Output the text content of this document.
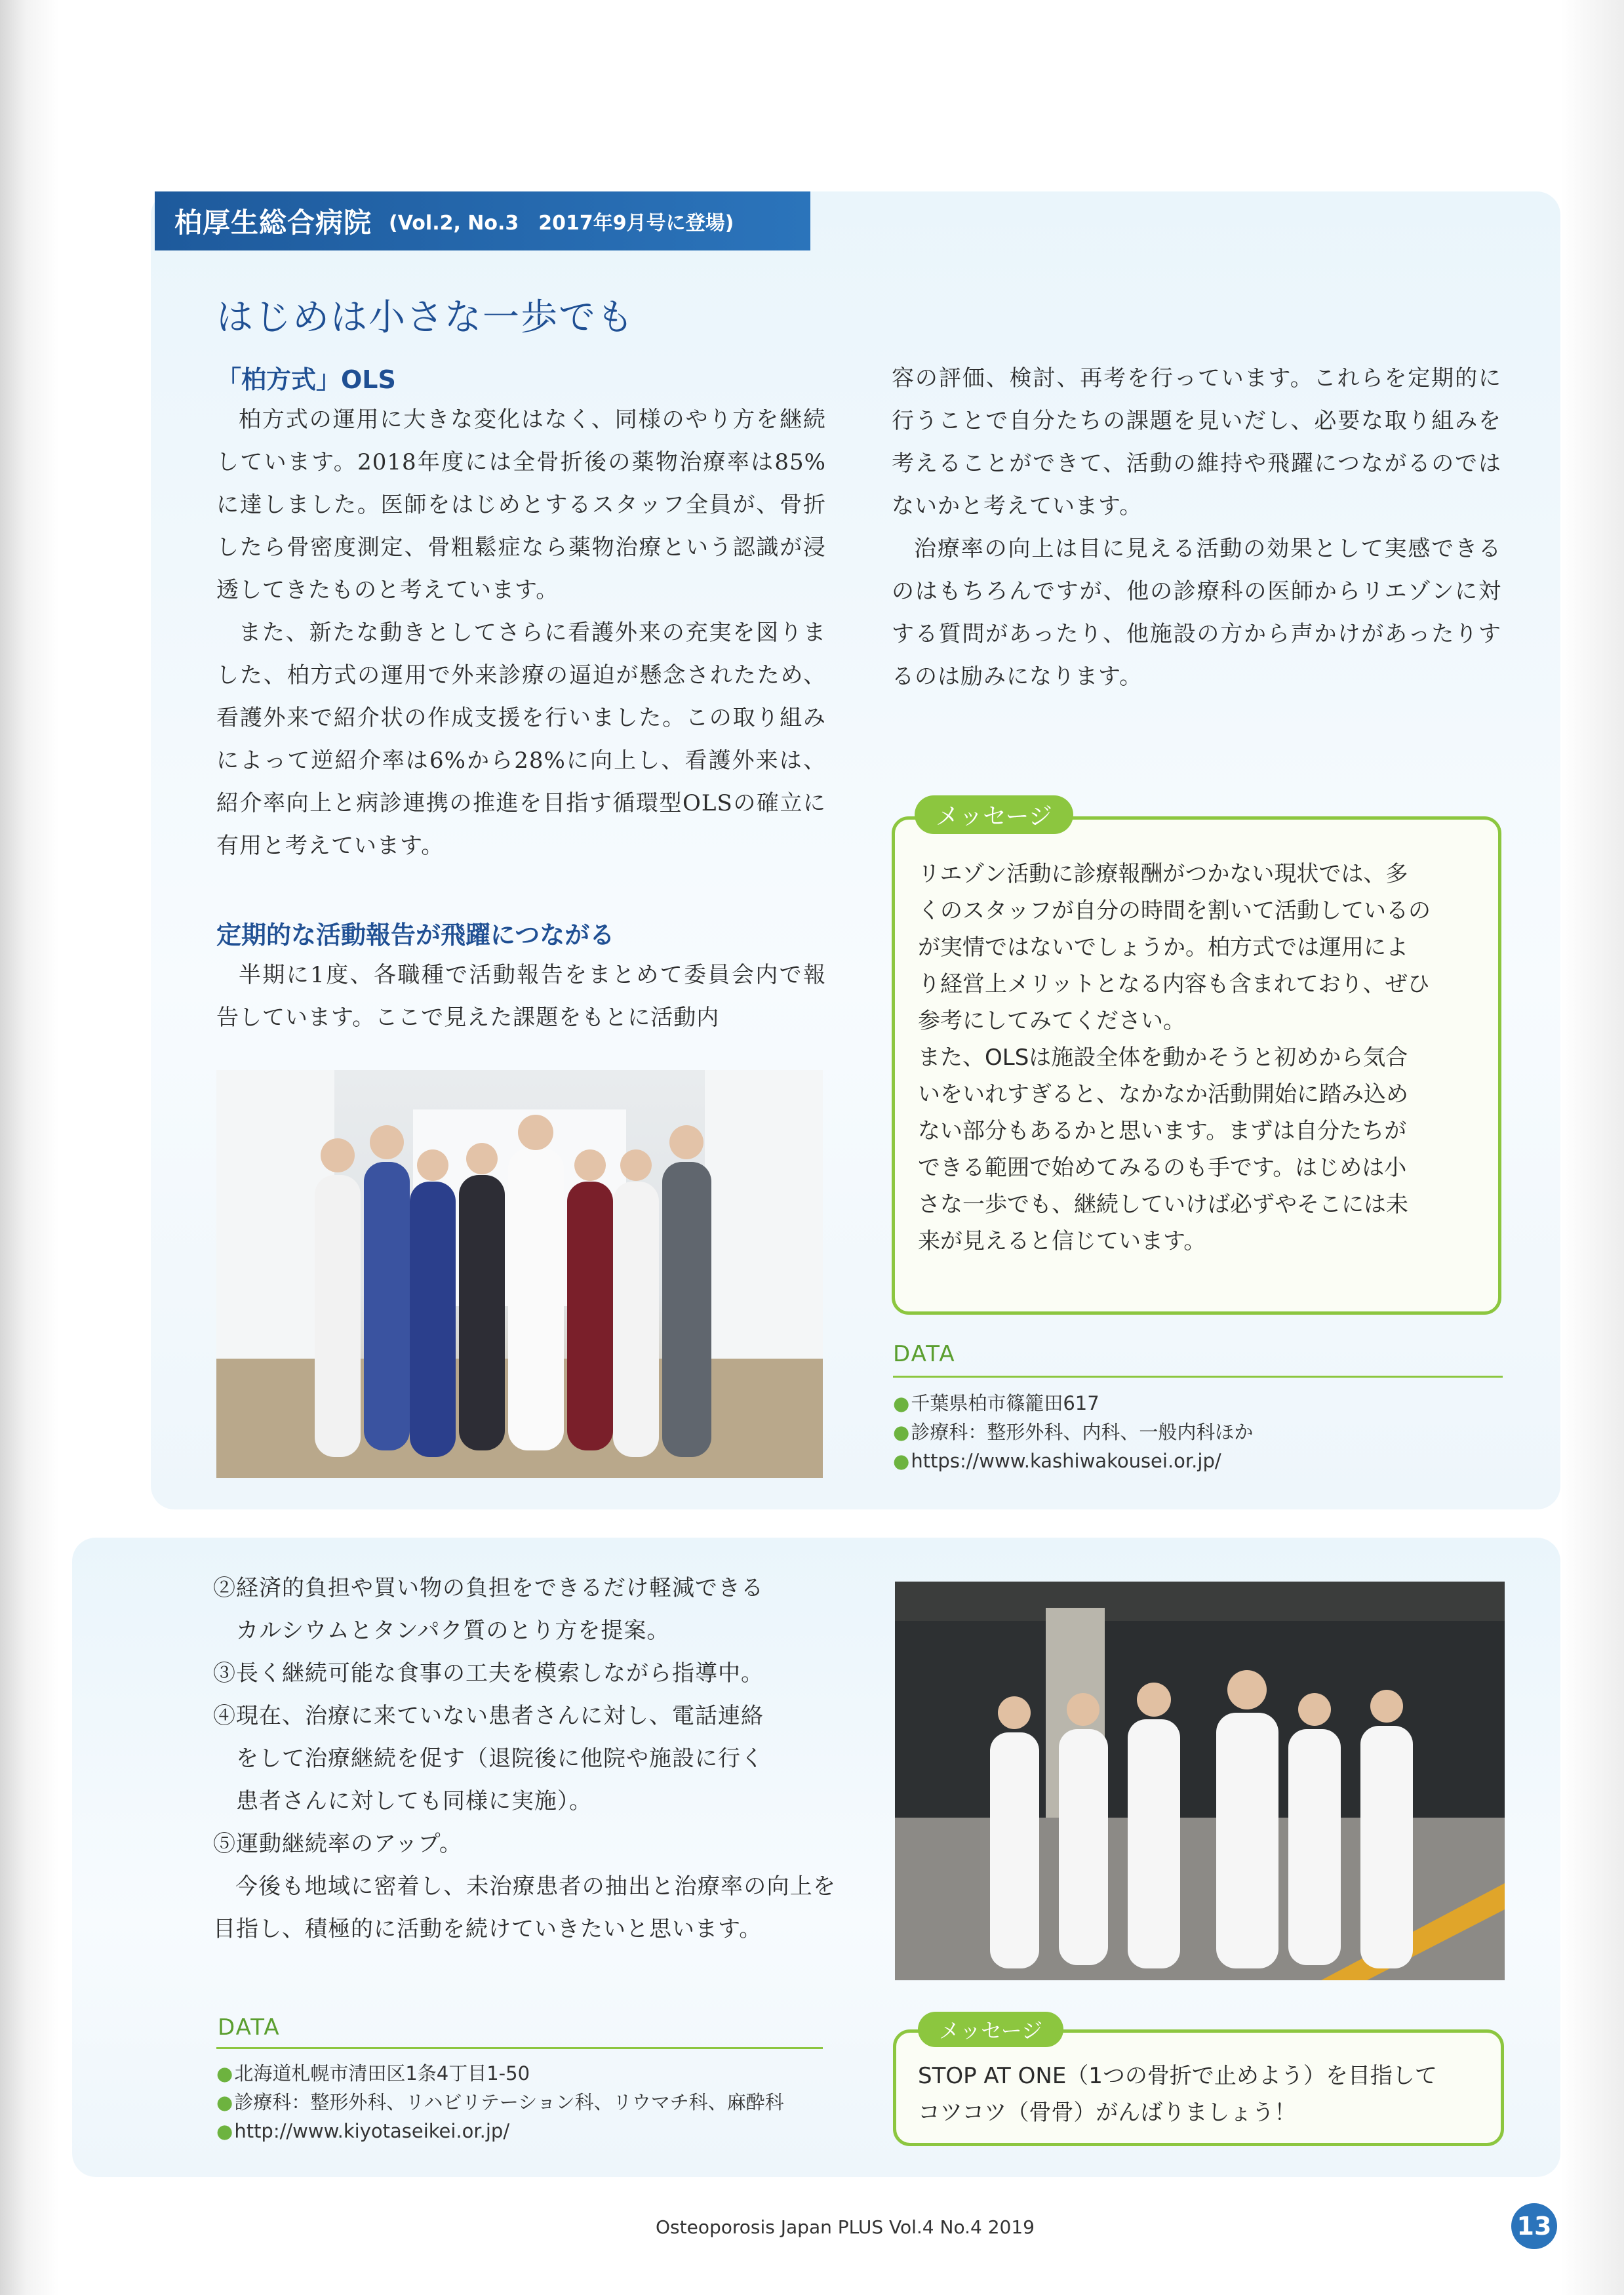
柏厚生総合病院 (Vol.2, No.3　2017年9月号に登場)
はじめは小さな一歩でも
「柏方式」OLS

柏方式の運用に大きな変化はなく、同様のやり方を継続しています。2018年度には全骨折後の薬物治療率は85%に達しました。医師をはじめとするスタッフ全員が、骨折したら骨密度測定、骨粗鬆症なら薬物治療という認識が浸透してきたものと考えています。

また、新たな動きとしてさらに看護外来の充実を図りました、柏方式の運用で外来診療の逼迫が懸念されたため、看護外来で紹介状の作成支援を行いました。この取り組みによって逆紹介率は6%から28%に向上し、看護外来は、紹介率向上と病診連携の推進を目指す循環型OLSの確立に有用と考えています。

定期的な活動報告が飛躍につながる

半期に1度、各職種で活動報告をまとめて委員会内で報告しています。ここで見えた課題をもとに活動内

容の評価、検討、再考を行っています。これらを定期的に行うことで自分たちの課題を見いだし、必要な取り組みを考えることができて、活動の維持や飛躍につながるのではないかと考えています。

治療率の向上は目に見える活動の効果として実感できるのはもちろんですが、他の診療科の医師からリエゾンに対する質問があったり、他施設の方から声かけがあったりするのは励みになります。

メッセージ
リエゾン活動に診療報酬がつかない現状では、多
くのスタッフが自分の時間を割いて活動しているの
が実情ではないでしょうか。柏方式では運用によ
り経営上メリットとなる内容も含まれており、ぜひ
参考にしてみてください。
また、OLSは施設全体を動かそうと初めから気合
いをいれすぎると、なかなか活動開始に踏み込め
ない部分もあるかと思います。まずは自分たちが
できる範囲で始めてみるのも手です。はじめは小
さな一歩でも、継続していけば必ずやそこには未
来が見えると信じています。
DATA
● 千葉県柏市篠籠田617
● 診療科：整形外科、内科、一般内科ほか
● https://www.kashiwakousei.or.jp/

②経済的負担や買い物の負担をできるだけ軽減できる

　カルシウムとタンパク質のとり方を提案。

③長く継続可能な食事の工夫を模索しながら指導中。

④現在、治療に来ていない患者さんに対し、電話連絡

　をして治療継続を促す（退院後に他院や施設に行く

　患者さんに対しても同様に実施）。

⑤運動継続率のアップ。

今後も地域に密着し、未治療患者の抽出と治療率の向上を目指し、積極的に活動を続けていきたいと思います。

DATA
● 北海道札幌市清田区1条4丁目1-50
● 診療科：整形外科、リハビリテーション科、リウマチ科、麻酔科
● http://www.kiyotaseikei.or.jp/
メッセージ
STOP AT ONE（1つの骨折で止めよう）を目指して
コツコツ（骨骨）がんばりましょう！
Osteoporosis Japan PLUS Vol.4 No.4 2019	13
